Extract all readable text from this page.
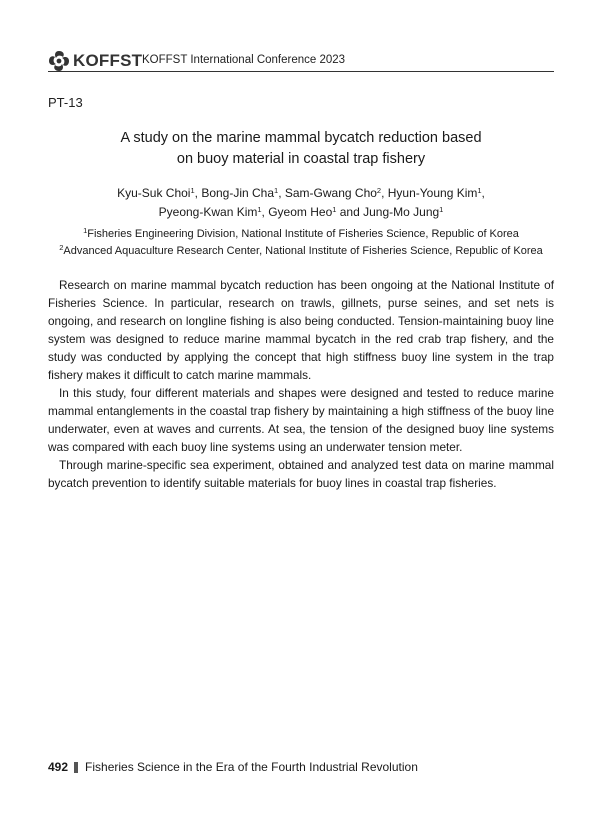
KOFFST KOFFST International Conference 2023
PT-13
A study on the marine mammal bycatch reduction based
on buoy material in coastal trap fishery
Kyu-Suk Choi$^1$, Bong-Jin Cha$^1$, Sam-Gwang Cho$^2$, Hyun-Young Kim$^1$,
Pyeong-Kwan Kim$^1$, Gyeom Heo$^1$ and Jung-Mo Jung$^1$
$^1$Fisheries Engineering Division, National Institute of Fisheries Science, Republic of Korea
$^2$Advanced Aquaculture Research Center, National Institute of Fisheries Science, Republic of Korea

Research on marine mammal bycatch reduction has been ongoing at the National Institute of Fisheries Science. In particular, research on trawls, gillnets, purse seines, and set nets is ongoing, and research on longline fishing is also being conducted. Tension-maintaining buoy line system was designed to reduce marine mammal bycatch in the red crab trap fishery, and the study was conducted by applying the concept that high stiffness buoy line system in the trap fishery makes it difficult to catch marine mammals.

In this study, four different materials and shapes were designed and tested to reduce marine mammal entanglements in the coastal trap fishery by maintaining a high stiffness of the buoy line underwater, even at waves and currents. At sea, the tension of the designed buoy line systems was compared with each buoy line systems using an underwater tension meter.

Through marine-specific sea experiment, obtained and analyzed test data on marine mammal bycatch prevention to identify suitable materials for buoy lines in coastal trap fisheries.

492 Fisheries Science in the Era of the Fourth Industrial Revolution
